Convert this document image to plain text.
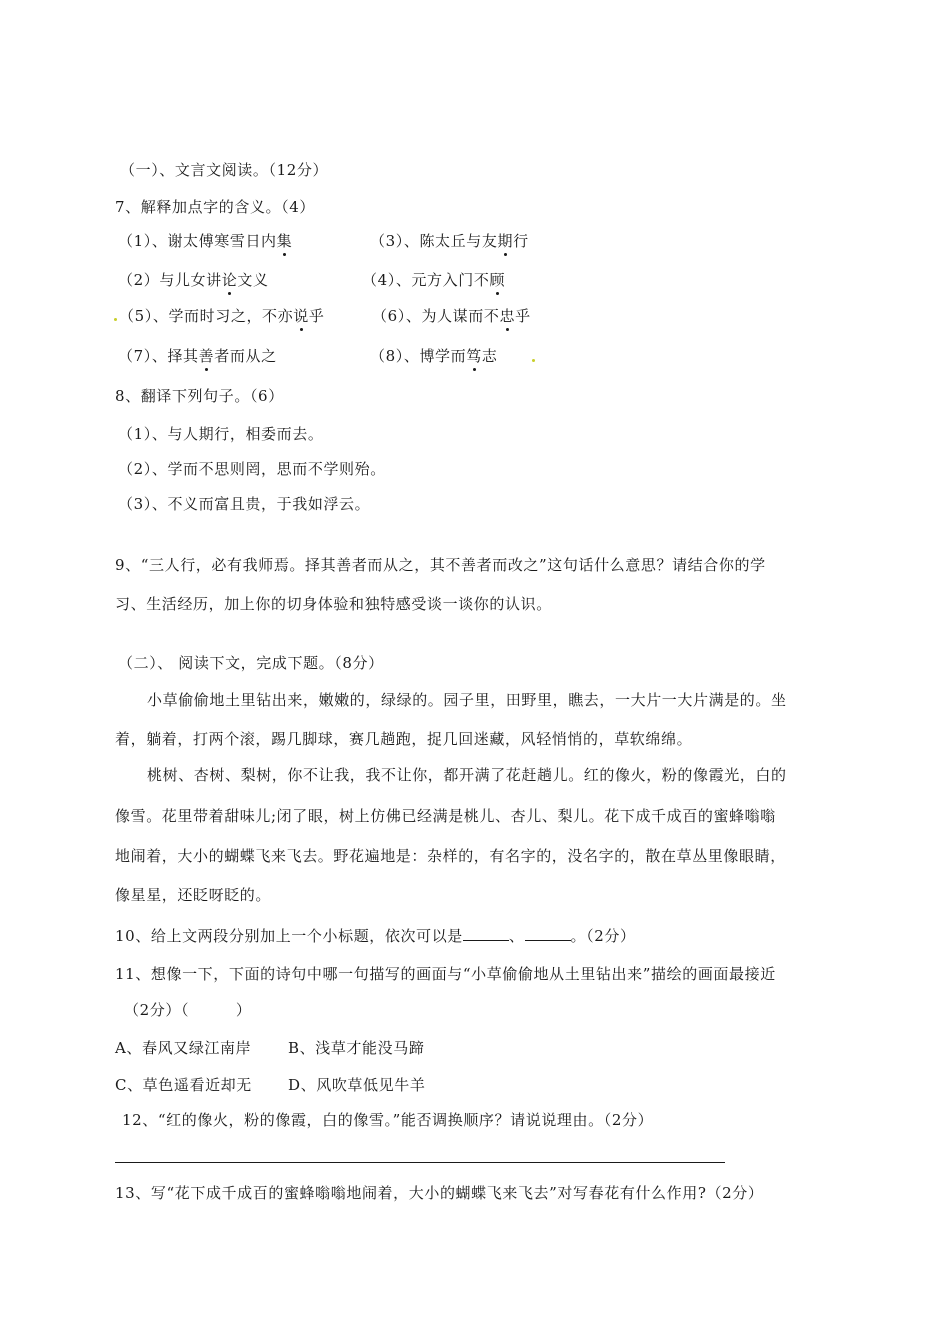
（一）、文言文阅读。（12分）
7、解释加点字的含义。（4）
（1）、谢太傅寒雪日内集	（3）、陈太丘与友期行
（2）与儿女讲论文义	（4）、元方入门不顾
（5）、学而时习之，不亦说乎	（6）、为人谋而不忠乎
（7）、择其善者而从之	（8）、博学而笃志
8、翻译下列句子。（6）
（1）、与人期行，相委而去。
（2）、学而不思则罔，思而不学则殆。
（3）、不义而富且贵，于我如浮云。
9、“三人行，必有我师焉。择其善者而从之，其不善者而改之”这句话什么意思？请结合你的学
习、生活经历，加上你的切身体验和独特感受谈一谈你的认识。
（二）、 阅读下文，完成下题。（8分）
小草偷偷地土里钻出来，嫩嫩的，绿绿的。园子里，田野里，瞧去，一大片一大片满是的。坐
着，躺着，打两个滚，踢几脚球，赛几趟跑，捉几回迷藏，风轻悄悄的，草软绵绵。
桃树、杏树、梨树，你不让我，我不让你，都开满了花赶趟儿。红的像火，粉的像霞光，白的
像雪。花里带着甜味儿;闭了眼，树上仿佛已经满是桃儿、杏儿、梨儿。花下成千成百的蜜蜂嗡嗡
地闹着，大小的蝴蝶飞来飞去。野花遍地是：杂样的，有名字的，没名字的，散在草丛里像眼睛，
像星星，还眨呀眨的。
10、给上文两段分别加上一个小标题，依次可以是	、	。（2分）
11、想像一下，下面的诗句中哪一句描写的画面与“小草偷偷地从土里钻出来”描绘的画面最接近
（2分）（　　　）
A、春风又绿江南岸 B、浅草才能没马蹄
C、草色遥看近却无 D、风吹草低见牛羊
12、“红的像火，粉的像霞，白的像雪。”能否调换顺序？请说说理由。（2分）
13、写“花下成千成百的蜜蜂嗡嗡地闹着，大小的蝴蝶飞来飞去”对写春花有什么作用?（2分）
